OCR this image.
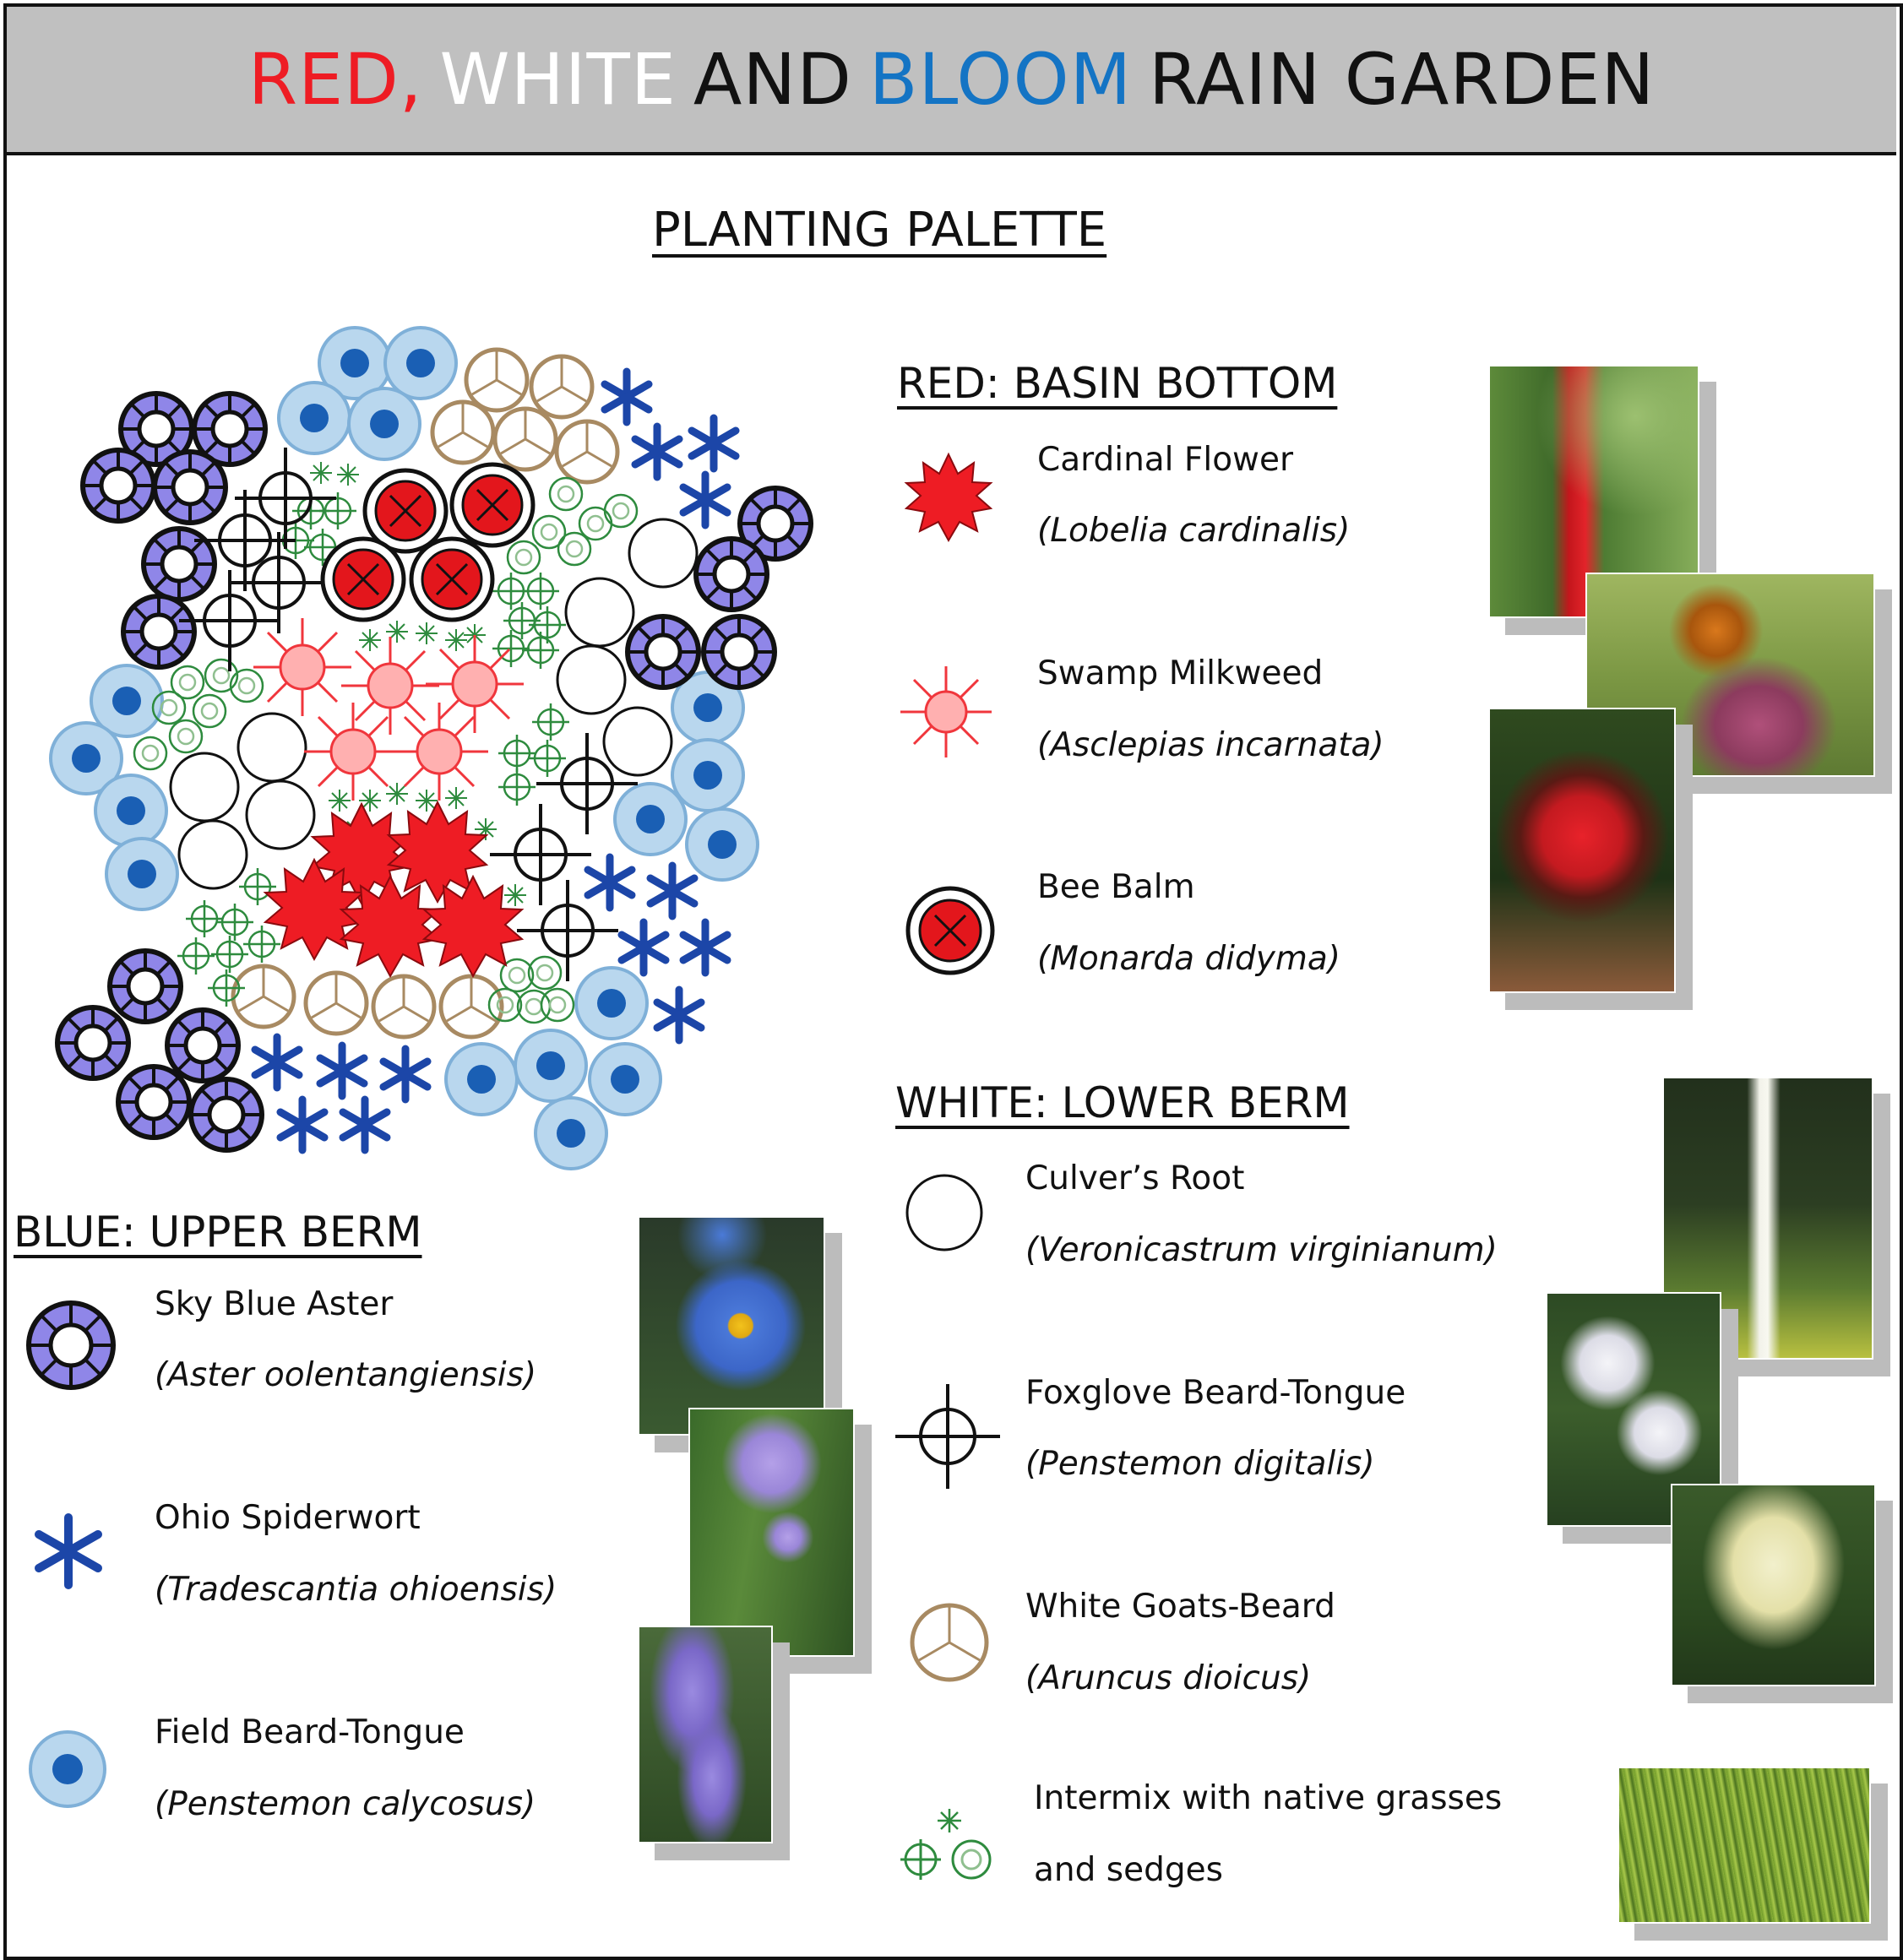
RED, WHITE AND BLOOM RAIN GARDEN
PLANTING PALETTE
RED: BASIN BOTTOM
Cardinal Flower
(Lobelia cardinalis)
Swamp Milkweed
(Asclepias incarnata)
Bee Balm
(Monarda didyma)
WHITE: LOWER BERM
Culver’s Root
(Veronicastrum virginianum)
Foxglove Beard-Tongue
(Penstemon digitalis)
White Goats-Beard
(Aruncus dioicus)
Intermix with native grasses
and sedges
BLUE: UPPER BERM
Sky Blue Aster
(Aster oolentangiensis)
Ohio Spiderwort
(Tradescantia ohioensis)
Field Beard-Tongue
(Penstemon calycosus)
